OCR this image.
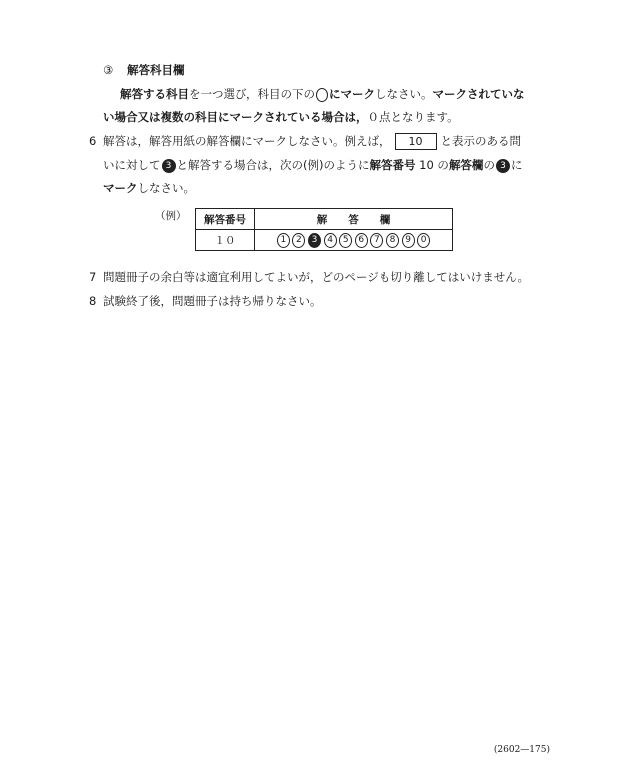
③ 解答科目欄
解答する科目を一つ選び，科目の下の にマークしなさい。マークされていな
い場合又は複数の科目にマークされている場合は，０点となります。
6 解答は，解答用紙の解答欄にマークしなさい。例えば， 10 と表示のある問
いに対して 3 と解答する場合は，次の(例)のように解答番号 10 の解答欄の 3 に
マークしなさい。
（例） 解答番号	解　　答　　欄
１０	1 2 3 4 5 6 7 8 9 0
7 問題冊子の余白等は適宜利用してよいが，どのページも切り離してはいけません。
8 試験終了後，問題冊子は持ち帰りなさい。
(2602—175)
